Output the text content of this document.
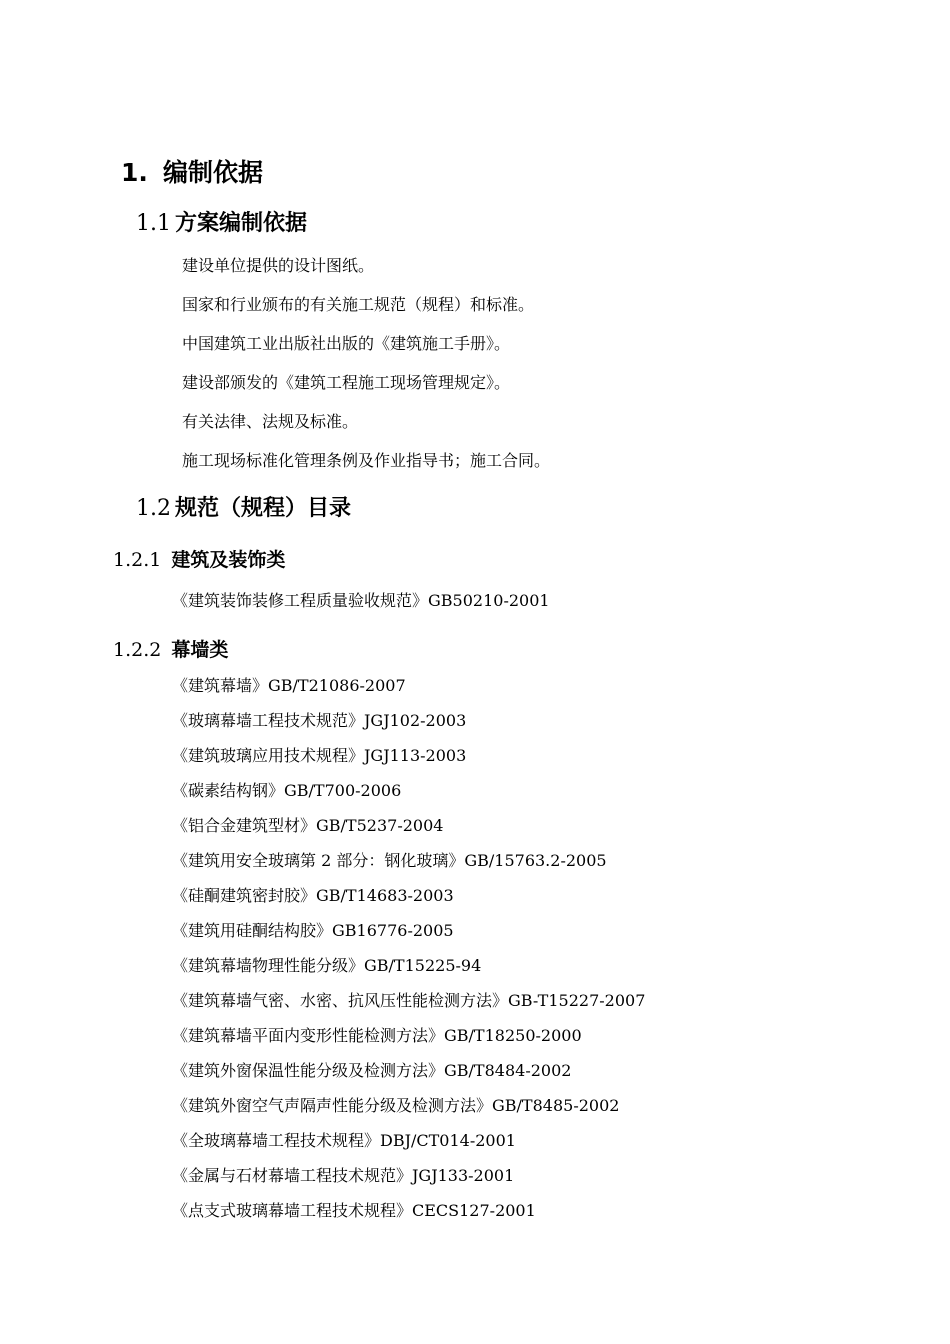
1. 编制依据
1.1 方案编制依据
建设单位提供的设计图纸。
国家和行业颁布的有关施工规范（规程）和标准。
中国建筑工业出版社出版的《建筑施工手册》。
建设部颁发的《建筑工程施工现场管理规定》。
有关法律、法规及标准。
施工现场标准化管理条例及作业指导书；施工合同。
1.2 规范（规程）目录
1.2.1 建筑及装饰类
《建筑装饰装修工程质量验收规范》GB50210-2001
1.2.2 幕墙类
《建筑幕墙》GB/T21086-2007
《玻璃幕墙工程技术规范》JGJ102-2003
《建筑玻璃应用技术规程》JGJ113-2003
《碳素结构钢》GB/T700-2006
《铝合金建筑型材》GB/T5237-2004
《建筑用安全玻璃第 2 部分：钢化玻璃》GB/15763.2-2005
《硅酮建筑密封胶》GB/T14683-2003
《建筑用硅酮结构胶》GB16776-2005
《建筑幕墙物理性能分级》GB/T15225-94
《建筑幕墙气密、水密、抗风压性能检测方法》GB-T15227-2007
《建筑幕墙平面内变形性能检测方法》GB/T18250-2000
《建筑外窗保温性能分级及检测方法》GB/T8484-2002
《建筑外窗空气声隔声性能分级及检测方法》GB/T8485-2002
《全玻璃幕墙工程技术规程》DBJ/CT014-2001
《金属与石材幕墙工程技术规范》JGJ133-2001
《点支式玻璃幕墙工程技术规程》CECS127-2001
